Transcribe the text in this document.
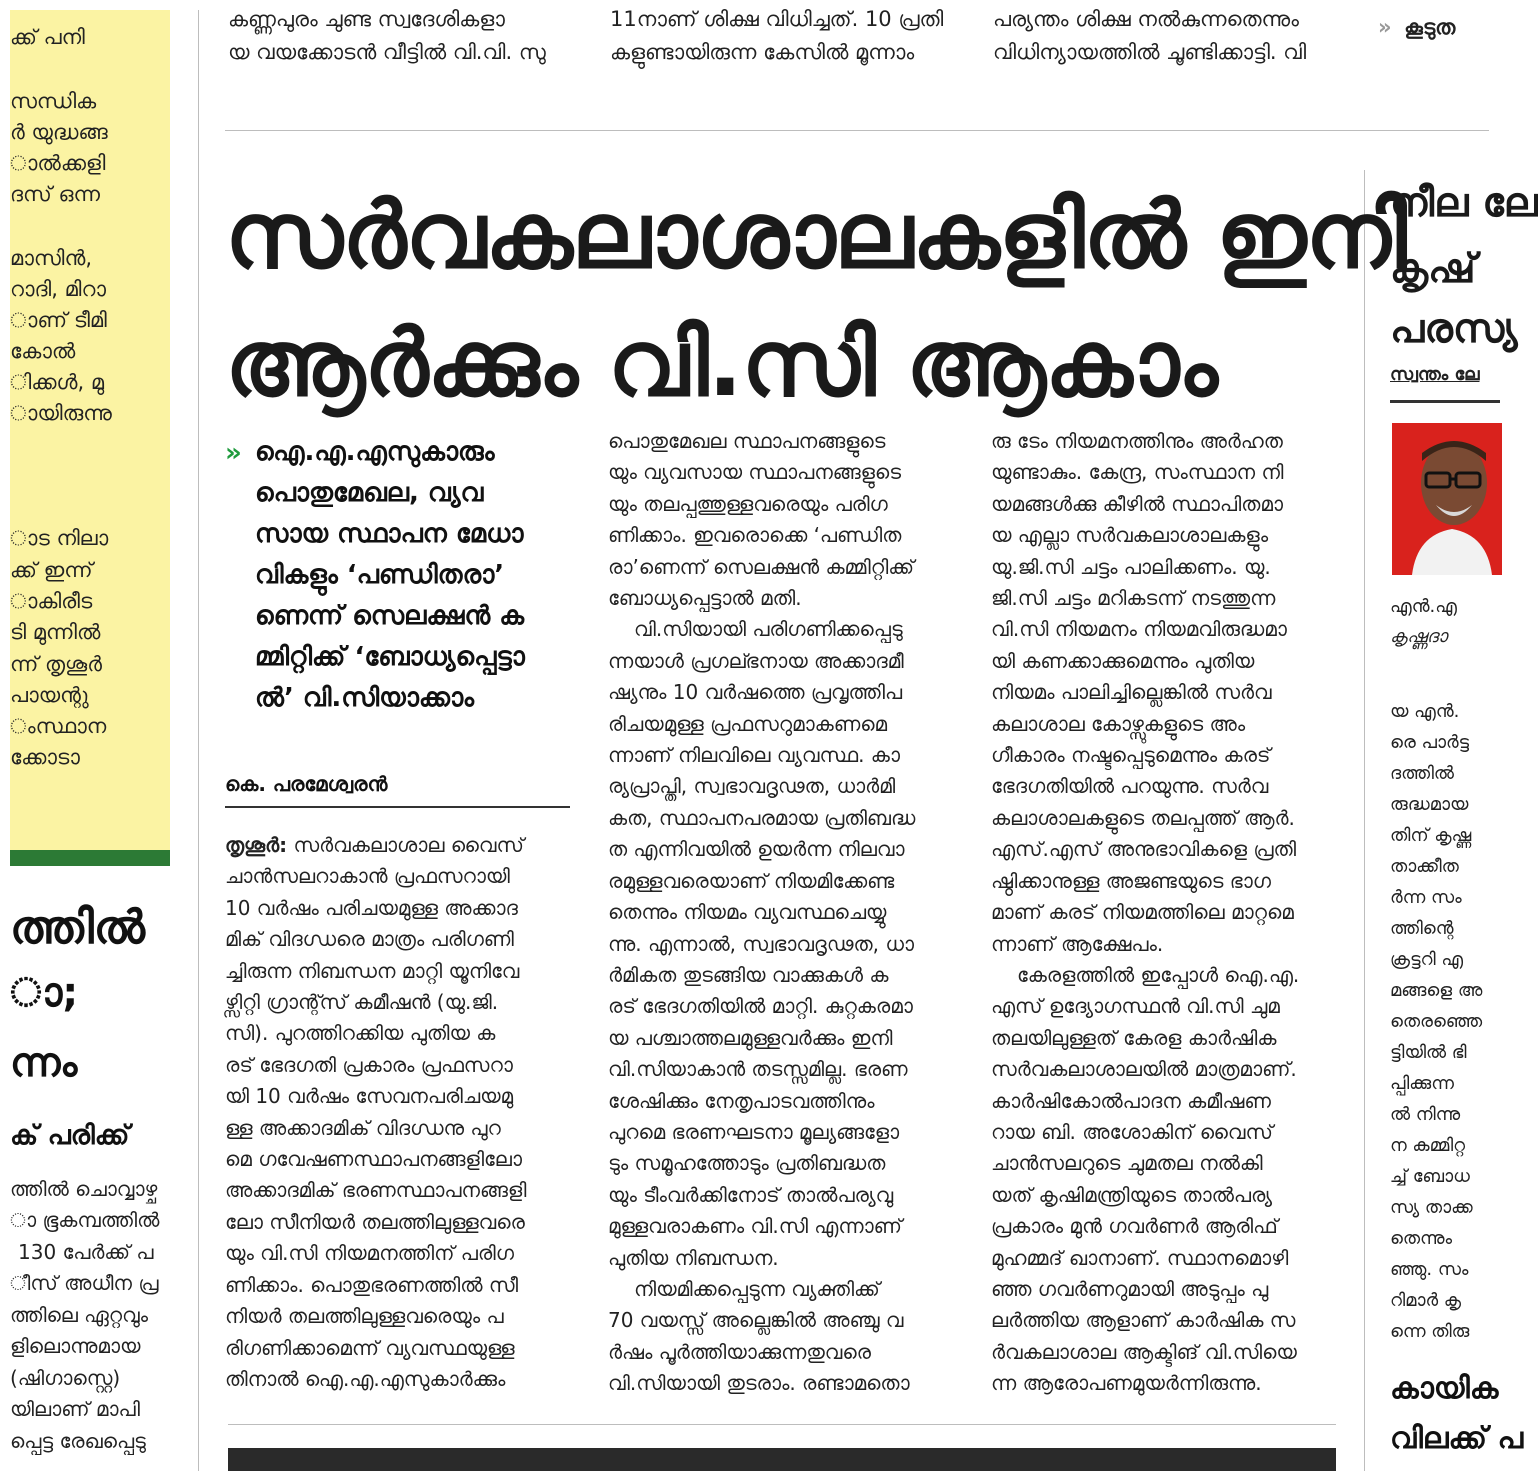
ക്ക് പനി
സന്ധിക
ർ യുദ്ധങ്ങ
ാൽക്കളി
ദസ് ഒന്ന
മാസിൻ,
റാദി, മിറാ
ാണ് ടീമി
കോൽ
ിക്കൾ, മു
ായിരുന്നു
ാട നിലാ
ക്ക് ഇന്ന്
ാകിരീട
ടി മുന്നിൽ
ന്ന് തൃശൂർ
പായന്റു
ംസ്ഥാന
ക്കോടാ
ത്തിൽ
ാ;
ന്നം
ക് പരിക്ക്
ത്തിൽ ചൊവ്വാഴ്ച
ാ ഭൂകമ്പത്തിൽ
130 പേർക്ക് പ
ീസ് അധീന പ്ര
ത്തിലെ ഏറ്റവും
ളിലൊന്നുമായ
(ഷിഗാസ്റ്റെ)
യിലാണ് മാപി
പ്പെട്ട രേഖപ്പെടു
കണ്ണപുരം ചുണ്ട സ്വദേശികളാ
യ വയക്കോടൻ വീട്ടിൽ വി.വി. സു
11നാണ് ശിക്ഷ വിധിച്ചത്. 10 പ്രതി
കളുണ്ടായിരുന്ന കേസിൽ മൂന്നാം
പര്യന്തം ശിക്ഷ നൽകുന്നതെന്നും
വിധിന്യായത്തിൽ ചൂണ്ടിക്കാട്ടി. വി
» കൂടുത
സർവകലാശാലകളിൽ ഇനി
ആർക്കും വി.സി ആകാം
» ഐ.എ.എസുകാരും
പൊതുമേഖല, വ്യവ
സായ സ്ഥാപന മേധാ
വികളും ‘പണ്ഡിതരാ’
ണെന്ന് സെലക്ഷൻ ക
മ്മിറ്റിക്ക് ‘ബോധ്യപ്പെട്ടാ
ൽ’ വി.സിയാക്കാം
കെ. പരമേശ്വരൻ
തൃശൂർ: സർവകലാശാല വൈസ്
ചാൻസലറാകാൻ പ്രഫസറായി
10 വർഷം പരിചയമുള്ള അക്കാദ
മിക് വിദഗ്ധരെ മാത്രം പരിഗണി
ച്ചിരുന്ന നിബന്ധന മാറ്റി യൂനിവേ
ഴ്സിറ്റി ഗ്രാന്റ്സ് കമീഷൻ (യു.ജി.
സി). പുറത്തിറക്കിയ പുതിയ ക
രട് ഭേദഗതി പ്രകാരം പ്രഫസറാ
യി 10 വർഷം സേവനപരിചയമു
ള്ള അക്കാദമിക് വിദഗ്ധനു പുറ
മെ ഗവേഷണസ്ഥാപനങ്ങളിലോ
അക്കാദമിക് ഭരണസ്ഥാപനങ്ങളി
ലോ സീനിയർ തലത്തിലുള്ളവരെ
യും വി.സി നിയമനത്തിന് പരിഗ
ണിക്കാം. പൊതുഭരണത്തിൽ സീ
നിയർ തലത്തിലുള്ളവരെയും പ
രിഗണിക്കാമെന്ന് വ്യവസ്ഥയുള്ള
തിനാൽ ഐ.എ.എസുകാർക്കും
പൊതുമേഖല സ്ഥാപനങ്ങളുടെ
യും വ്യവസായ സ്ഥാപനങ്ങളുടെ
യും തലപ്പത്തുള്ളവരെയും പരിഗ
ണിക്കാം. ഇവരൊക്കെ ‘പണ്ഡിത
രാ’ണെന്ന് സെലക്ഷൻ കമ്മിറ്റിക്ക്
ബോധ്യപ്പെട്ടാൽ മതി.
വി.സിയായി പരിഗണിക്കപ്പെടു
ന്നയാൾ പ്രഗല്ഭനായ അക്കാദമീ
ഷ്യനും 10 വർഷത്തെ പ്രവൃത്തിപ
രിചയമുള്ള പ്രഫസറുമാകണമെ
ന്നാണ് നിലവിലെ വ്യവസ്ഥ. കാ
ര്യപ്രാപ്തി, സ്വഭാവദൃഢത, ധാർമി
കത, സ്ഥാപനപരമായ പ്രതിബദ്ധ
ത എന്നിവയിൽ ഉയർന്ന നിലവാ
രമുള്ളവരെയാണ് നിയമിക്കേണ്ട
തെന്നും നിയമം വ്യവസ്ഥചെയ്യു
ന്നു. എന്നാൽ, സ്വഭാവദൃഢത, ധാ
ർമികത തുടങ്ങിയ വാക്കുകൾ ക
രട് ഭേദഗതിയിൽ മാറ്റി. കുറ്റകരമാ
യ പശ്ചാത്തലമുള്ളവർക്കും ഇനി
വി.സിയാകാൻ തടസ്സമില്ല. ഭരണ
ശേഷിക്കും നേതൃപാടവത്തിനും
പുറമെ ഭരണഘടനാ മൂല്യങ്ങളോ
ടും സമൂഹത്തോടും പ്രതിബദ്ധത
യും ടീംവർക്കിനോട് താൽപര്യവു
മുള്ളവരാകണം വി.സി എന്നാണ്
പുതിയ നിബന്ധന.
നിയമിക്കപ്പെടുന്ന വ്യക്തിക്ക്
70 വയസ്സ് അല്ലെങ്കിൽ അഞ്ചു വ
ർഷം പൂർത്തിയാക്കുന്നതുവരെ
വി.സിയായി തുടരാം. രണ്ടാമതൊ
രു ടേം നിയമനത്തിനും അർഹത
യുണ്ടാകും. കേന്ദ്ര, സംസ്ഥാന നി
യമങ്ങൾക്കു കീഴിൽ സ്ഥാപിതമാ
യ എല്ലാ സർവകലാശാലകളും
യു.ജി.സി ചട്ടം പാലിക്കണം. യു.
ജി.സി ചട്ടം മറികടന്ന് നടത്തുന്ന
വി.സി നിയമനം നിയമവിരുദ്ധമാ
യി കണക്കാക്കുമെന്നും പുതിയ
നിയമം പാലിച്ചില്ലെങ്കിൽ സർവ
കലാശാല കോഴ്സുകളുടെ അം
ഗീകാരം നഷ്ടപ്പെടുമെന്നും കരട്
ഭേദഗതിയിൽ പറയുന്നു. സർവ
കലാശാലകളുടെ തലപ്പത്ത് ആർ.
എസ്.എസ് അനുഭാവികളെ പ്രതി
ഷ്ഠിക്കാനുള്ള അജണ്ടയുടെ ഭാഗ
മാണ് കരട് നിയമത്തിലെ മാറ്റമെ
ന്നാണ് ആക്ഷേപം.
കേരളത്തിൽ ഇപ്പോൾ ഐ.എ.
എസ് ഉദ്യോഗസ്ഥൻ വി.സി ചുമ
തലയിലുള്ളത് കേരള കാർഷിക
സർവകലാശാലയിൽ മാത്രമാണ്.
കാർഷികോൽപാദന കമീഷണ
റായ ബി. അശോകിന് വൈസ്
ചാൻസലറുടെ ചുമതല നൽകി
യത് കൃഷിമന്ത്രിയുടെ താൽപര്യ
പ്രകാരം മുൻ ഗവർണർ ആരിഫ്
മുഹമ്മദ് ഖാനാണ്. സ്ഥാനമൊഴി
ഞ്ഞ ഗവർണറുമായി അടുപ്പം പു
ലർത്തിയ ആളാണ് കാർഷിക സ
ർവകലാശാല ആക്ടിങ് വി.സിയെ
ന്ന ആരോപണമുയർന്നിരുന്നു.
നീല ‌ലേ
കൃഷ്
പരസ്യ
സ്വന്തം ലേ
എൻ.എ
കൃഷ്ണദാ
യ എൻ.
രെ പാർട്ട
ദത്തിൽ
രുദ്ധമായ
തിന് കൃഷ്ണ
താക്കീത
ർന്ന സം
ത്തിന്റെ
ക്രട്ടറി എ
മങ്ങളെ അ
തെരഞ്ഞെ
ട്ടിയിൽ ഭി
പ്പിക്കുന്ന
ൽ നിന്നു
ന കമ്മിറ്റ
ച്ച് ബോധ
സ്യ താക്ക
തെന്നും
ഞ്ഞു. സം
റിമാർ കൃ
ന്നെ തിരു
കായിക
വിലക്ക് പ
